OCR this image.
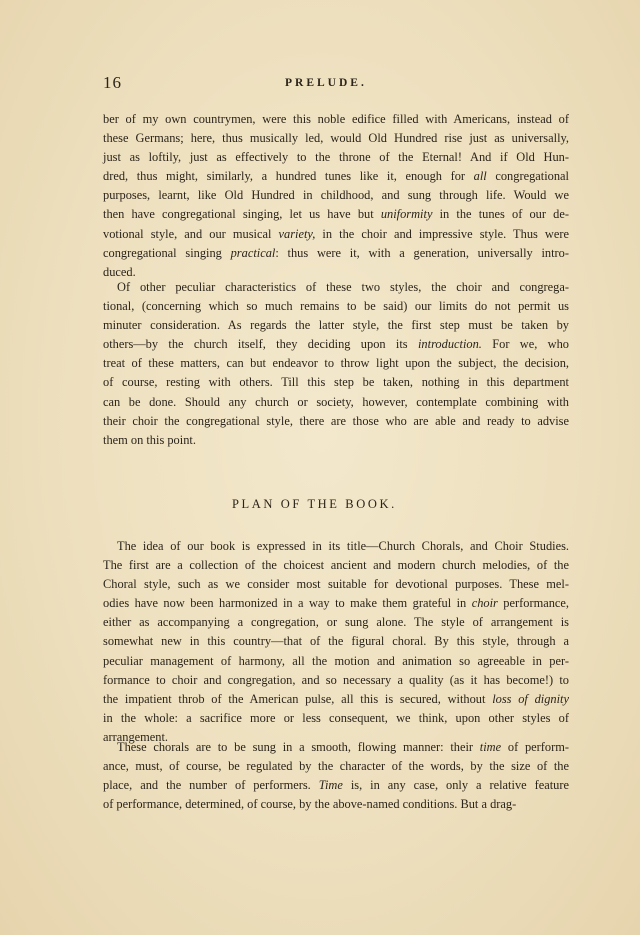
16	PRELUDE.
ber of my own countrymen, were this noble edifice filled with Americans, instead of
these Germans; here, thus musically led, would Old Hundred rise just as universally,
just as loftily, just as effectively to the throne of the Eternal! And if Old Hun-
dred, thus might, similarly, a hundred tunes like it, enough for all congregational
purposes, learnt, like Old Hundred in childhood, and sung through life. Would we
then have congregational singing, let us have but uniformity in the tunes of our de-
votional style, and our musical variety, in the choir and impressive style. Thus were
congregational singing practical: thus were it, with a generation, universally intro-
duced.
Of other peculiar characteristics of these two styles, the choir and congrega-
tional, (concerning which so much remains to be said) our limits do not permit us
minuter consideration. As regards the latter style, the first step must be taken by
others—by the church itself, they deciding upon its introduction. For we, who
treat of these matters, can but endeavor to throw light upon the subject, the decision,
of course, resting with others. Till this step be taken, nothing in this department
can be done. Should any church or society, however, contemplate combining with
their choir the congregational style, there are those who are able and ready to advise
them on this point.
PLAN OF THE BOOK.
The idea of our book is expressed in its title—Church Chorals, and Choir Studies.
The first are a collection of the choicest ancient and modern church melodies, of the
Choral style, such as we consider most suitable for devotional purposes. These mel-
odies have now been harmonized in a way to make them grateful in choir performance,
either as accompanying a congregation, or sung alone. The style of arrangement is
somewhat new in this country—that of the figural choral. By this style, through a
peculiar management of harmony, all the motion and animation so agreeable in per-
formance to choir and congregation, and so necessary a quality (as it has become!) to
the impatient throb of the American pulse, all this is secured, without loss of dignity
in the whole: a sacrifice more or less consequent, we think, upon other styles of
arrangement.
These chorals are to be sung in a smooth, flowing manner: their time of perform-
ance, must, of course, be regulated by the character of the words, by the size of the
place, and the number of performers. Time is, in any case, only a relative feature
of performance, determined, of course, by the above-named conditions. But a drag-
